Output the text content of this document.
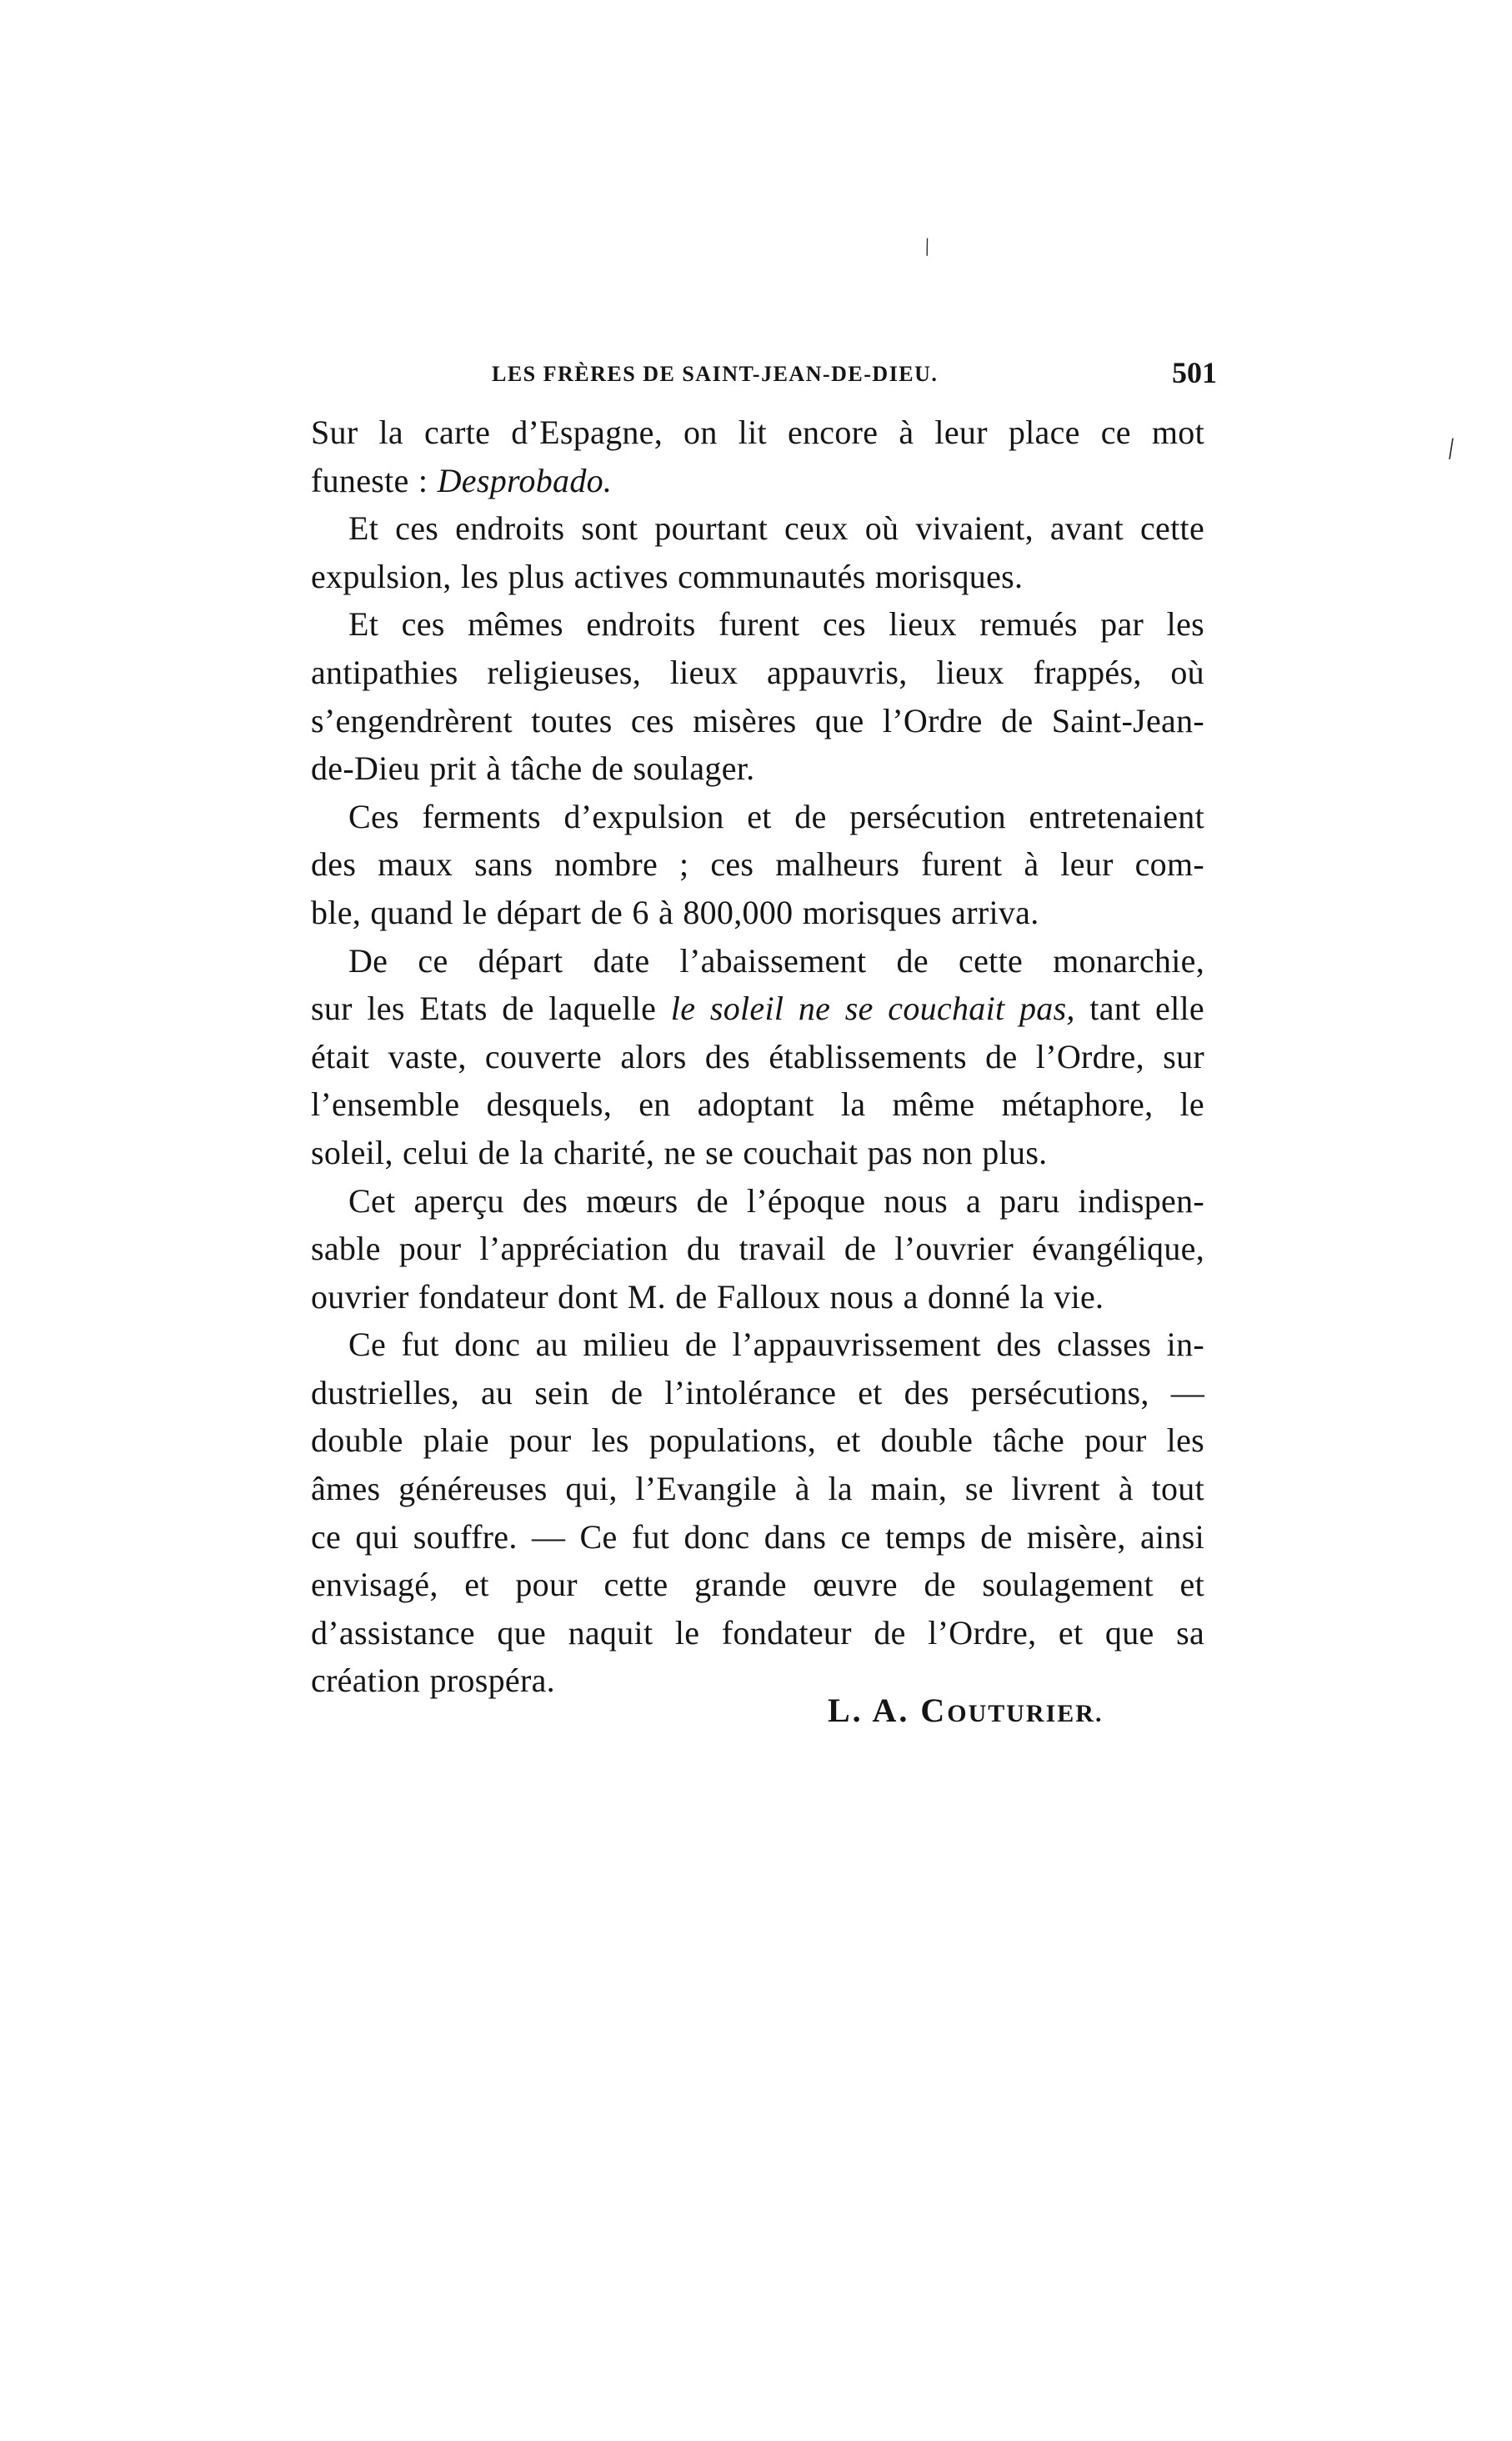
\
/
LES FRÈRES DE SAINT-JEAN-DE-DIEU.	501
Sur la carte d’Espagne, on lit encore à leur place ce mot
funeste : Desprobado.
Et ces endroits sont pourtant ceux où vivaient, avant cette
expulsion, les plus actives communautés morisques.
Et ces mêmes endroits furent ces lieux remués par les
antipathies religieuses, lieux appauvris, lieux frappés, où
s’engendrèrent toutes ces misères que l’Ordre de Saint-Jean-
de-Dieu prit à tâche de soulager.
Ces ferments d’expulsion et de persécution entretenaient
des maux sans nombre ; ces malheurs furent à leur com-
ble, quand le départ de 6 à 800,000 morisques arriva.
De ce départ date l’abaissement de cette monarchie,
sur les Etats de laquelle le soleil ne se couchait pas, tant elle
était vaste, couverte alors des établissements de l’Ordre, sur
l’ensemble desquels, en adoptant la même métaphore, le
soleil, celui de la charité, ne se couchait pas non plus.
Cet aperçu des mœurs de l’époque nous a paru indispen-
sable pour l’appréciation du travail de l’ouvrier évangélique,
ouvrier fondateur dont M. de Falloux nous a donné la vie.
Ce fut donc au milieu de l’appauvrissement des classes in-
dustrielles, au sein de l’intolérance et des persécutions, —
double plaie pour les populations, et double tâche pour les
âmes généreuses qui, l’Evangile à la main, se livrent à tout
ce qui souffre. — Ce fut donc dans ce temps de misère, ainsi
envisagé, et pour cette grande œuvre de soulagement et
d’assistance que naquit le fondateur de l’Ordre, et que sa
création prospéra.
L. A. COUTURIER.
